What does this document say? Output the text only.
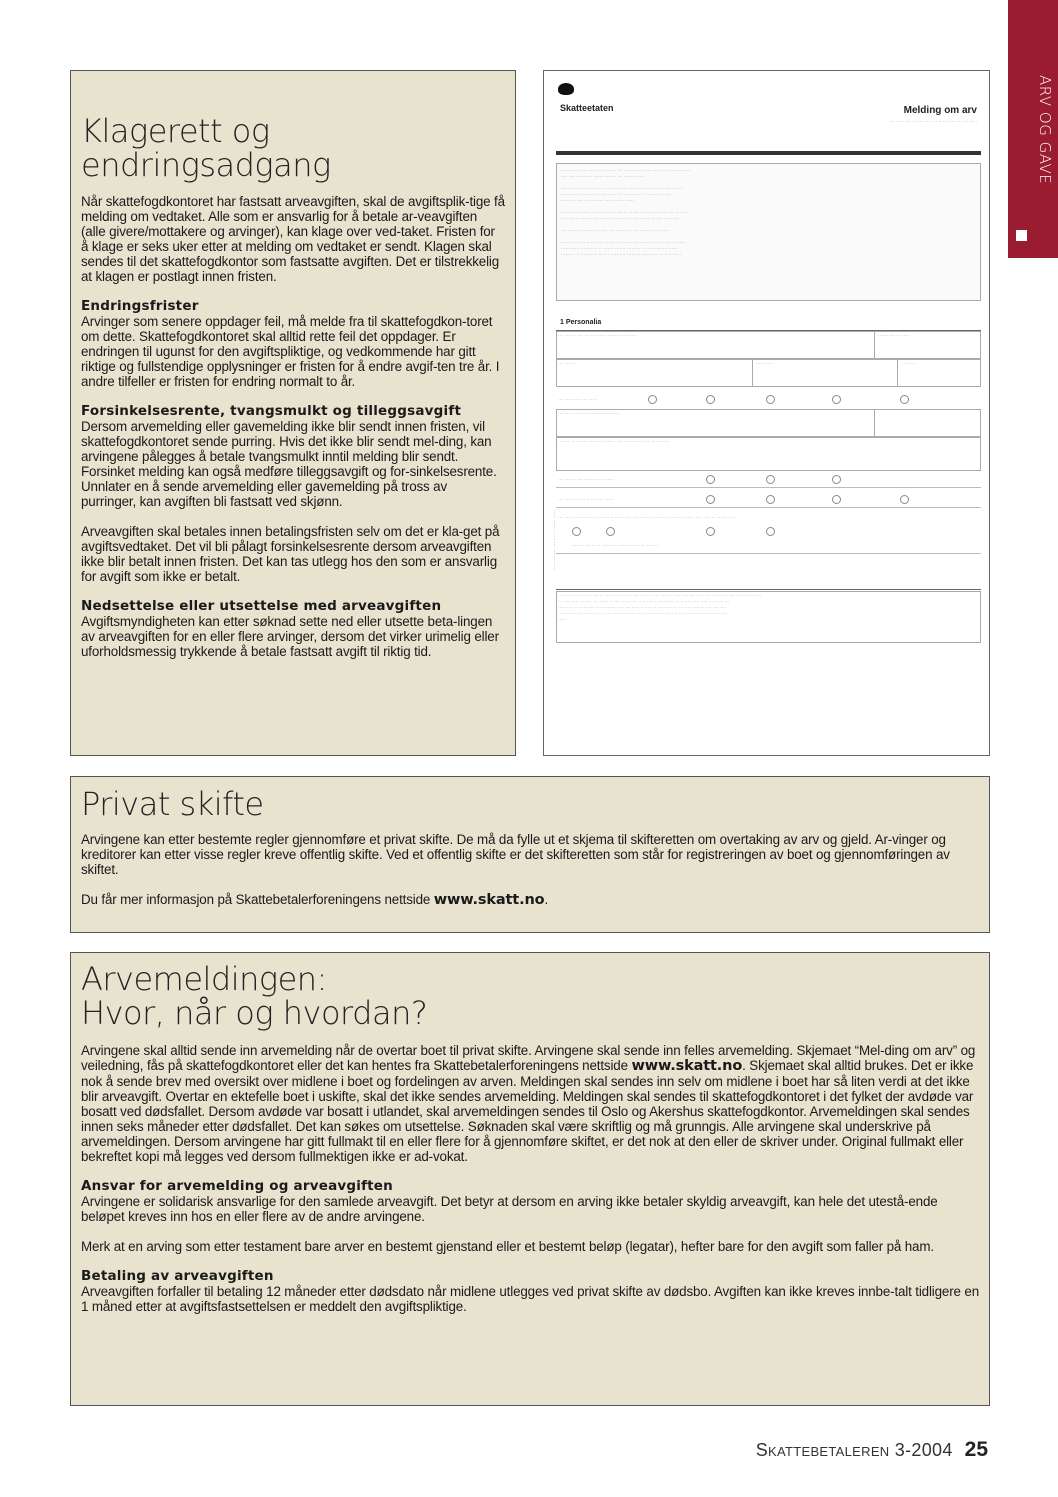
ARV OG GAVE
Klagerett og
endringsadgang

Når skattefogdkontoret har fastsatt arveavgiften, skal de avgiftsplik-tige få melding om vedtaket. Alle som er ansvarlig for å betale ar-veavgiften (alle givere/mottakere og arvinger), kan klage over ved-taket. Fristen for å klage er seks uker etter at melding om vedtaket er sendt. Klagen skal sendes til det skattefogdkontor som fastsatte avgiften. Det er tilstrekkelig at klagen er postlagt innen fristen.

Endringsfrister

Arvinger som senere oppdager feil, må melde fra til skattefogdkon-toret om dette. Skattefogdkontoret skal alltid rette feil det oppdager. Er endringen til ugunst for den avgiftspliktige, og vedkommende har gitt riktige og fullstendige opplysninger er fristen for å endre avgif-ten tre år. I andre tilfeller er fristen for endring normalt to år.

Forsinkelsesrente, tvangsmulkt og tilleggsavgift

Dersom arvemelding eller gavemelding ikke blir sendt innen fristen, vil skattefogdkontoret sende purring. Hvis det ikke blir sendt mel-ding, kan arvingene pålegges å betale tvangsmulkt inntil melding blir sendt. Forsinket melding kan også medføre tilleggsavgift og for-sinkelsesrente. Unnlater en å sende arvemelding eller gavemelding på tross av purringer, kan avgiften bli fastsatt ved skjønn.

Arveavgiften skal betales innen betalingsfristen selv om det er kla-get på avgiftsvedtaket. Det vil bli pålagt forsinkelsesrente dersom arveavgiften ikke blir betalt innen fristen. Det kan tas utlegg hos den som er ansvarlig for avgift som ikke er betalt.

Nedsettelse eller utsettelse med arveavgiften

Avgiftsmyndigheten kan etter søknad sette ned eller utsette beta-lingen av arveavgiften for en eller flere arvinger, dersom det virker urimelig eller uforholdsmessig trykkende å betale fastsatt avgift til riktig tid.

Skatteetaten	Melding om arv
··· ···· ····· ·· ···· ···· ·· ···· ···· ···· ·· ···· ·····
··········· ····· ······· ··· ······· ··· ·········· ·· ···· ······ ·· ········ ·······
···· ···· ····· ····· ······· ······· ··· ········ ·····

···· ······· ·· ··········· ·· ··· ·········· ····· ··· ··· ··· ····· ···· ·······
············ ··· ······ ·· ··········· ·· ····· ······ ·· ········ ·· ·····
······· ·· ···· ·· ········· ····· ······· ······

········ ··· ······· ··· ·· ··· ····· ······· ······ ·· ········· ······ ··· ·· ·····
··· ····· ·· ········ ········ ·· ········ ·· ······ ······· ·· ···· ···· ·····

···· ······· ·· ········ · ···· ···· ····· ·· ·· ··· ······· ······ ·····

········· ··· ····· ·· ····· · ····· ·· ······· ···· ···· ··· ··· ·· ····· ··· ·····
············ ········ ·· ·· ······· ······· ········· ·· ······ ······· ······
········· ·· ··········· ····· ·· ········· ····················· ······· ······
1 Personalia
··· ········ ···· ··· ·········· ······· ···········	··········· ··· ·····
···· ·······	······ ····	·········
··· ··········· ···· ·····
··· ······ ·· ········ ·········· ·······
········ ·· ········ ········· ······· ···· ·············· ·· ··· ········
··· ········ ············ ···· ······
··· ······ ······· ·· ·· ····· ······
··· ······ ······ ······· ··········· ······ ····· ··· ······· ·· ········ ·········· ····· ··· · ···· ··· ······ ·· ··
········ ······· ·· ········· ··············· ·· ·········
·· ······ ··· ···· ···· ······ · ··· ··· ··· ····· ········ ·· · ··· ····· ·· ····· ···· ····· ···· ·· ········· ·· ·················· ··
· · ···· ····· ········ ··· ······ ·· ···· ·········· ······ ····· ··········· ·· ······· ····· ···· ·· ······· ···
·········· ·· ·········· ·············· ···· ··· ····· ·· ····· ·· ········· ··· ··· ···· ····· ·· ···· ···· ····
············ ········· ·· ··· ·· ··· ··············· ····· ······· ···· ····· ·· ·· ······· ····· ······ ········
·····
·· ··········· ········· · ······· ······
Privat skifte

Arvingene kan etter bestemte regler gjennomføre et privat skifte. De må da fylle ut et skjema til skifteretten om overtaking av arv og gjeld. Ar-vinger og kreditorer kan etter visse regler kreve offentlig skifte. Ved et offentlig skifte er det skifteretten som står for registreringen av boet og gjennomføringen av skiftet.

Du får mer informasjon på Skattebetalerforeningens nettside www.skatt.no.

Arvemeldingen:
Hvor, når og hvordan?

Arvingene skal alltid sende inn arvemelding når de overtar boet til privat skifte. Arvingene skal sende inn felles arvemelding. Skjemaet “Mel-ding om arv” og veiledning, fås på skattefogdkontoret eller det kan hentes fra Skattebetalerforeningens nettside www.skatt.no. Skjemaet skal alltid brukes. Det er ikke nok å sende brev med oversikt over midlene i boet og fordelingen av arven. Meldingen skal sendes inn selv om midlene i boet har så liten verdi at det ikke blir arveavgift. Overtar en ektefelle boet i uskifte, skal det ikke sendes arvemelding. Meldingen skal sendes til skattefogdkontoret i det fylket der avdøde var bosatt ved dødsfallet. Dersom avdøde var bosatt i utlandet, skal arvemeldingen sendes til Oslo og Akershus skattefogdkontor. Arvemeldingen skal sendes innen seks måneder etter dødsfallet. Det kan søkes om utsettelse. Søknaden skal være skriftlig og må grunngis. Alle arvingene skal underskrive på arvemeldingen. Dersom arvingene har gitt fullmakt til en eller flere for å gjennomføre skiftet, er det nok at den eller de skriver under. Original fullmakt eller bekreftet kopi må legges ved dersom fullmektigen ikke er ad-vokat.

Ansvar for arvemelding og arveavgiften

Arvingene er solidarisk ansvarlige for den samlede arveavgift. Det betyr at dersom en arving ikke betaler skyldig arveavgift, kan hele det utestå-ende beløpet kreves inn hos en eller flere av de andre arvingene.

Merk at en arving som etter testament bare arver en bestemt gjenstand eller et bestemt beløp (legatar), hefter bare for den avgift som faller på ham.

Betaling av arveavgiften

Arveavgiften forfaller til betaling 12 måneder etter dødsdato når midlene utlegges ved privat skifte av dødsbo. Avgiften kan ikke kreves innbe-talt tidligere en 1 måned etter at avgiftsfastsettelsen er meddelt den avgiftspliktige.

Skattebetaleren 3-2004 25
